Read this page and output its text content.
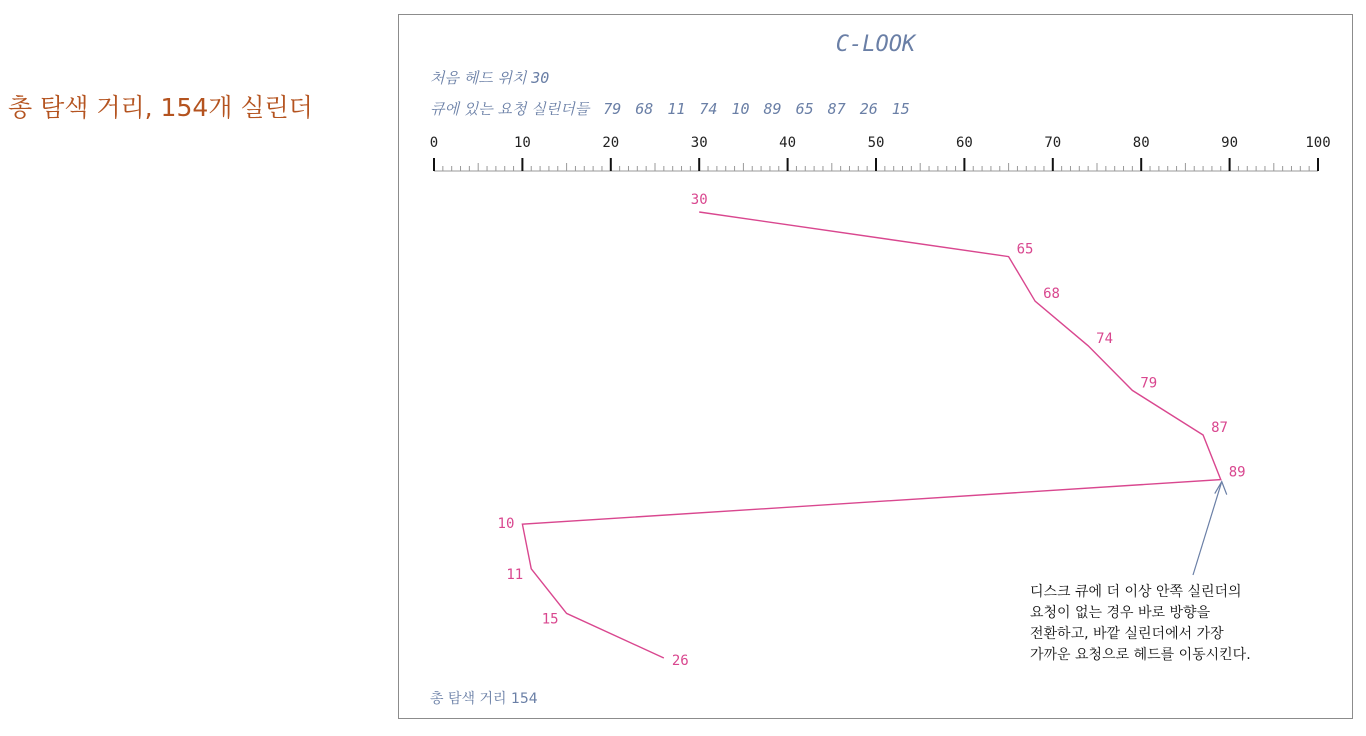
총 탐색 거리, 154개 실린더
C-LOOK
처음 헤드 위치 30
큐에 있는 요청 실린더들 79 68 11 74 10 89 65 87 26 15
총 탐색 거리 154
0	10	20	30	40	50	60	70	80	90	100
30
65
68
74
79
87
89
10
11
15
26
디스크 큐에 더 이상 안쪽 실린더의
요청이 없는 경우 바로 방향을
전환하고, 바깥 실린더에서 가장
가까운 요청으로 헤드를 이동시킨다.
